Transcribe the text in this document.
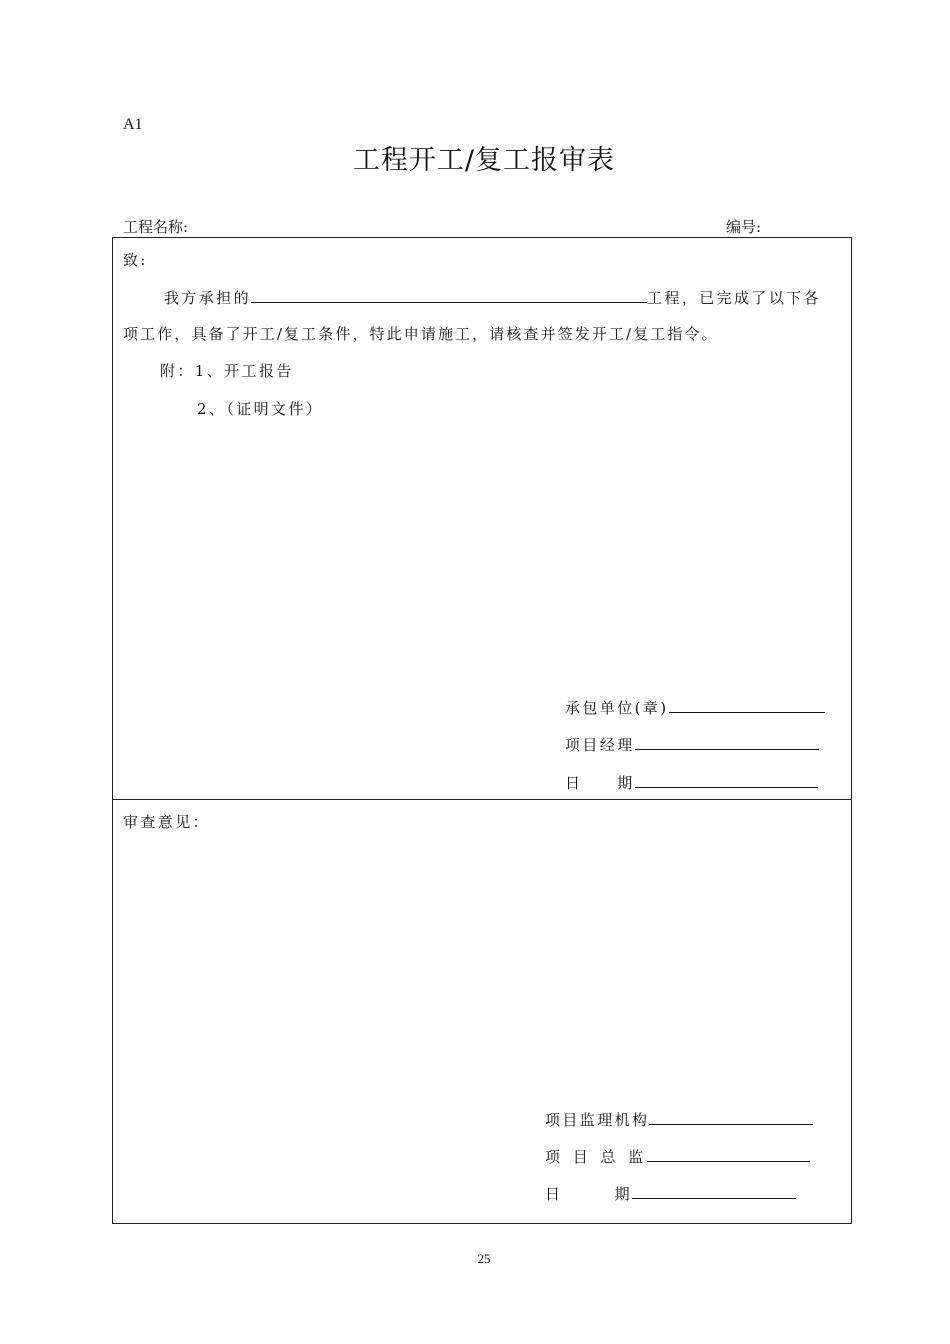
A1
工程开工/复工报审表
工程名称:	编号:
致:
我方承担的	工程，已完成了以下各
项工作，具备了开工/复工条件，特此申请施工，请核查并签发开工/复工指令。
附：1、开工报告
2、（证明文件）
承包单位(章)
项目经理
日　　期
审查意见：
项目监理机构
项 目 总 监
日　　　期
25
